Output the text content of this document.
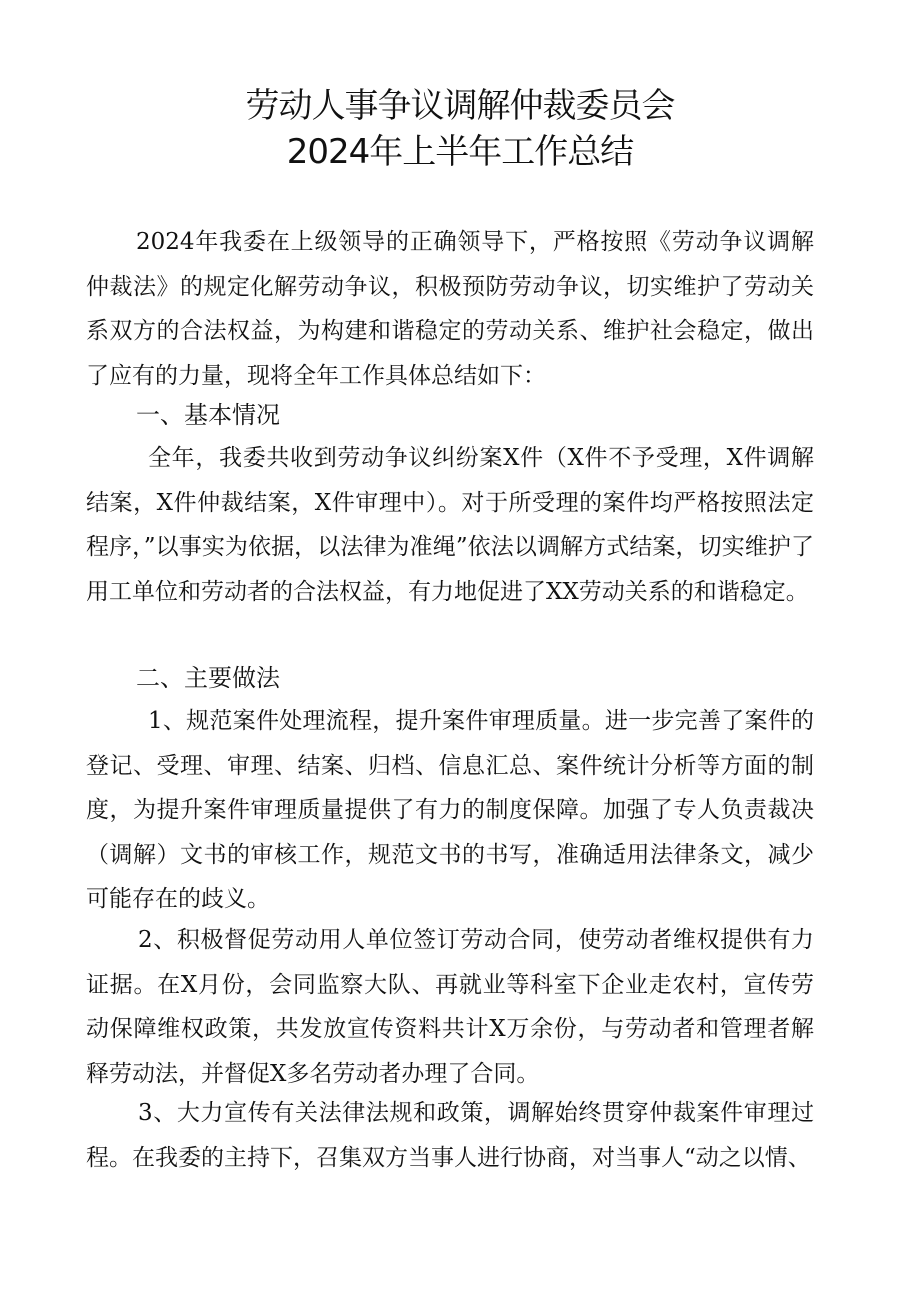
劳动人事争议调解仲裁委员会
2024年上半年工作总结

2024年我委在上级领导的正确领导下，严格按照《劳动争议调解仲裁法》的规定化解劳动争议，积极预防劳动争议，切实维护了劳动关系双方的合法权益，为构建和谐稳定的劳动关系、维护社会稳定，做出了应有的力量，现将全年工作具体总结如下：

一、基本情况

全年，我委共收到劳动争议纠纷案X件（X件不予受理，X件调解结案，X件仲裁结案，X件审理中）。对于所受理的案件均严格按照法定程序，”以事实为依据，以法律为准绳”依法以调解方式结案，切实维护了用工单位和劳动者的合法权益，有力地促进了XX劳动关系的和谐稳定。

二、主要做法

1、规范案件处理流程，提升案件审理质量。进一步完善了案件的登记、受理、审理、结案、归档、信息汇总、案件统计分析等方面的制度，为提升案件审理质量提供了有力的制度保障。加强了专人负责裁决（调解）文书的审核工作，规范文书的书写，准确适用法律条文，减少可能存在的歧义。

2、积极督促劳动用人单位签订劳动合同，使劳动者维权提供有力证据。在X月份，会同监察大队、再就业等科室下企业走农村，宣传劳动保障维权政策，共发放宣传资料共计X万余份，与劳动者和管理者解释劳动法，并督促X多名劳动者办理了合同。

3、大力宣传有关法律法规和政策，调解始终贯穿仲裁案件审理过程。在我委的主持下，召集双方当事人进行协商，对当事人“动之以情、
